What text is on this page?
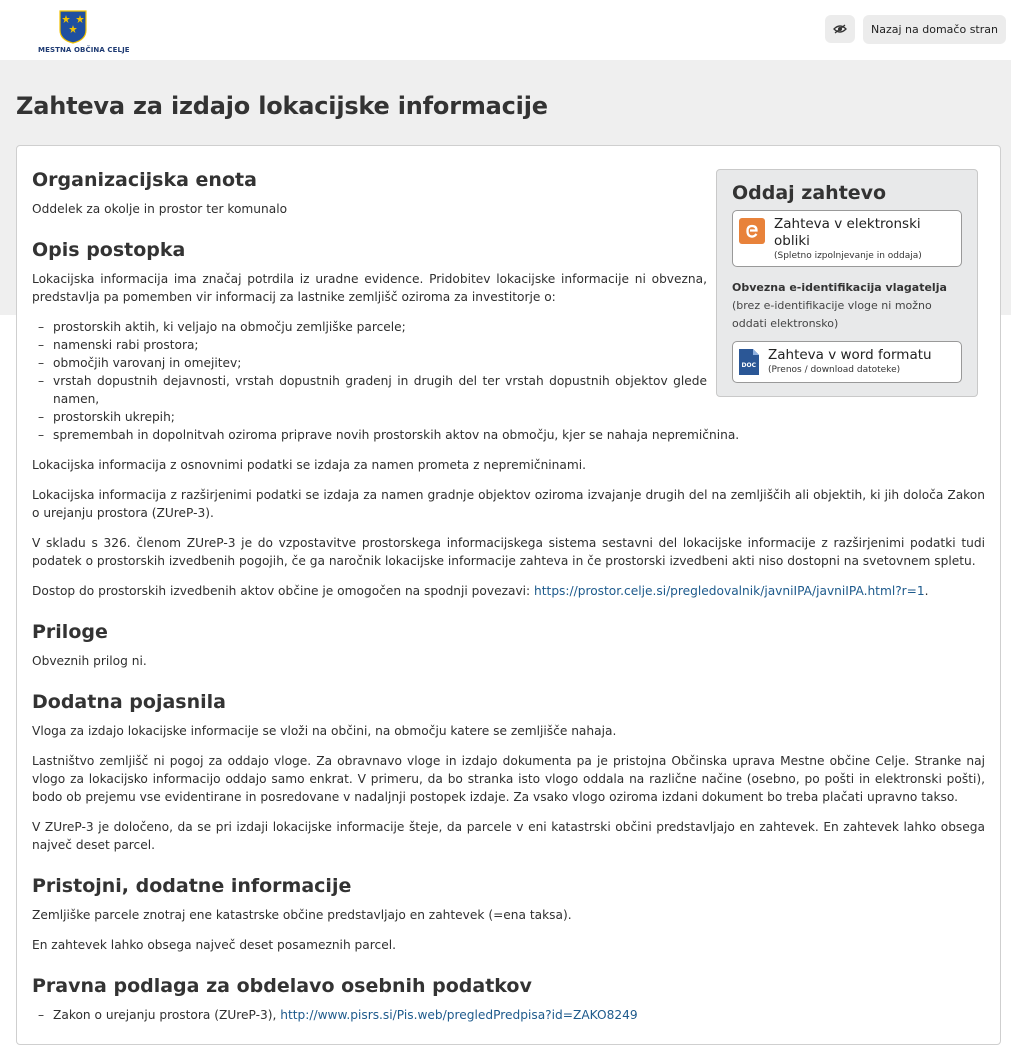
MESTNA OBČINA CELJE
Nazaj na domačo stran
Zahteva za izdajo lokacijske informacije
Oddaj zahtevo
Zahteva v elektronski obliki
(Spletno izpolnjevanje in oddaja)
Obvezna e-identifikacija vlagatelja
(brez e-identifikacije vloge ni možno oddati elektronsko)
DOC
Zahteva v word formatu
(Prenos / download datoteke)
Organizacijska enota

Oddelek za okolje in prostor ter komunalo

Opis postopka

Lokacijska informacija ima značaj potrdila iz uradne evidence. Pridobitev lokacijske informacije ni obvezna, predstavlja pa pomemben vir informacij za lastnike zemljišč oziroma za investitorje o:

– prostorskih aktih, ki veljajo na območju zemljiške parcele;
– namenski rabi prostora;
– območjih varovanj in omejitev;
– vrstah dopustnih dejavnosti, vrstah dopustnih gradenj in drugih del ter vrstah dopustnih objektov glede namen,
– prostorskih ukrepih;
– spremembah in dopolnitvah oziroma priprave novih prostorskih aktov na območju, kjer se nahaja nepremičnina.

Lokacijska informacija z osnovnimi podatki se izdaja za namen prometa z nepremičninami.

Lokacijska informacija z razširjenimi podatki se izdaja za namen gradnje objektov oziroma izvajanje drugih del na zemljiščih ali objektih, ki jih določa Zakon o urejanju prostora (ZUreP-3).

V skladu s 326. členom ZUreP-3 je do vzpostavitve prostorskega informacijskega sistema sestavni del lokacijske informacije z razširjenimi podatki tudi podatek o prostorskih izvedbenih pogojih, če ga naročnik lokacijske informacije zahteva in če prostorski izvedbeni akti niso dostopni na svetovnem spletu.

Dostop do prostorskih izvedbenih aktov občine je omogočen na spodnji povezavi: https://prostor.celje.si/pregledovalnik/javniIPA/javniIPA.html?r=1.

Priloge

Obveznih prilog ni.

Dodatna pojasnila

Vloga za izdajo lokacijske informacije se vloži na občini, na območju katere se zemljišče nahaja.

Lastništvo zemljišč ni pogoj za oddajo vloge. Za obravnavo vloge in izdajo dokumenta pa je pristojna Občinska uprava Mestne občine Celje. Stranke naj vlogo za lokacijsko informacijo oddajo samo enkrat. V primeru, da bo stranka isto vlogo oddala na različne načine (osebno, po pošti in elektronski pošti), bodo ob prejemu vse evidentirane in posredovane v nadaljnji postopek izdaje. Za vsako vlogo oziroma izdani dokument bo treba plačati upravno takso.

V ZUreP-3 je določeno, da se pri izdaji lokacijske informacije šteje, da parcele v eni katastrski občini predstavljajo en zahtevek. En zahtevek lahko obsega največ deset parcel.

Pristojni, dodatne informacije

Zemljiške parcele znotraj ene katastrske občine predstavljajo en zahtevek (=ena taksa).

En zahtevek lahko obsega največ deset posameznih parcel.

Pravna podlaga za obdelavo osebnih podatkov
– Zakon o urejanju prostora (ZUreP-3), http://www.pisrs.si/Pis.web/pregledPredpisa?id=ZAKO8249
